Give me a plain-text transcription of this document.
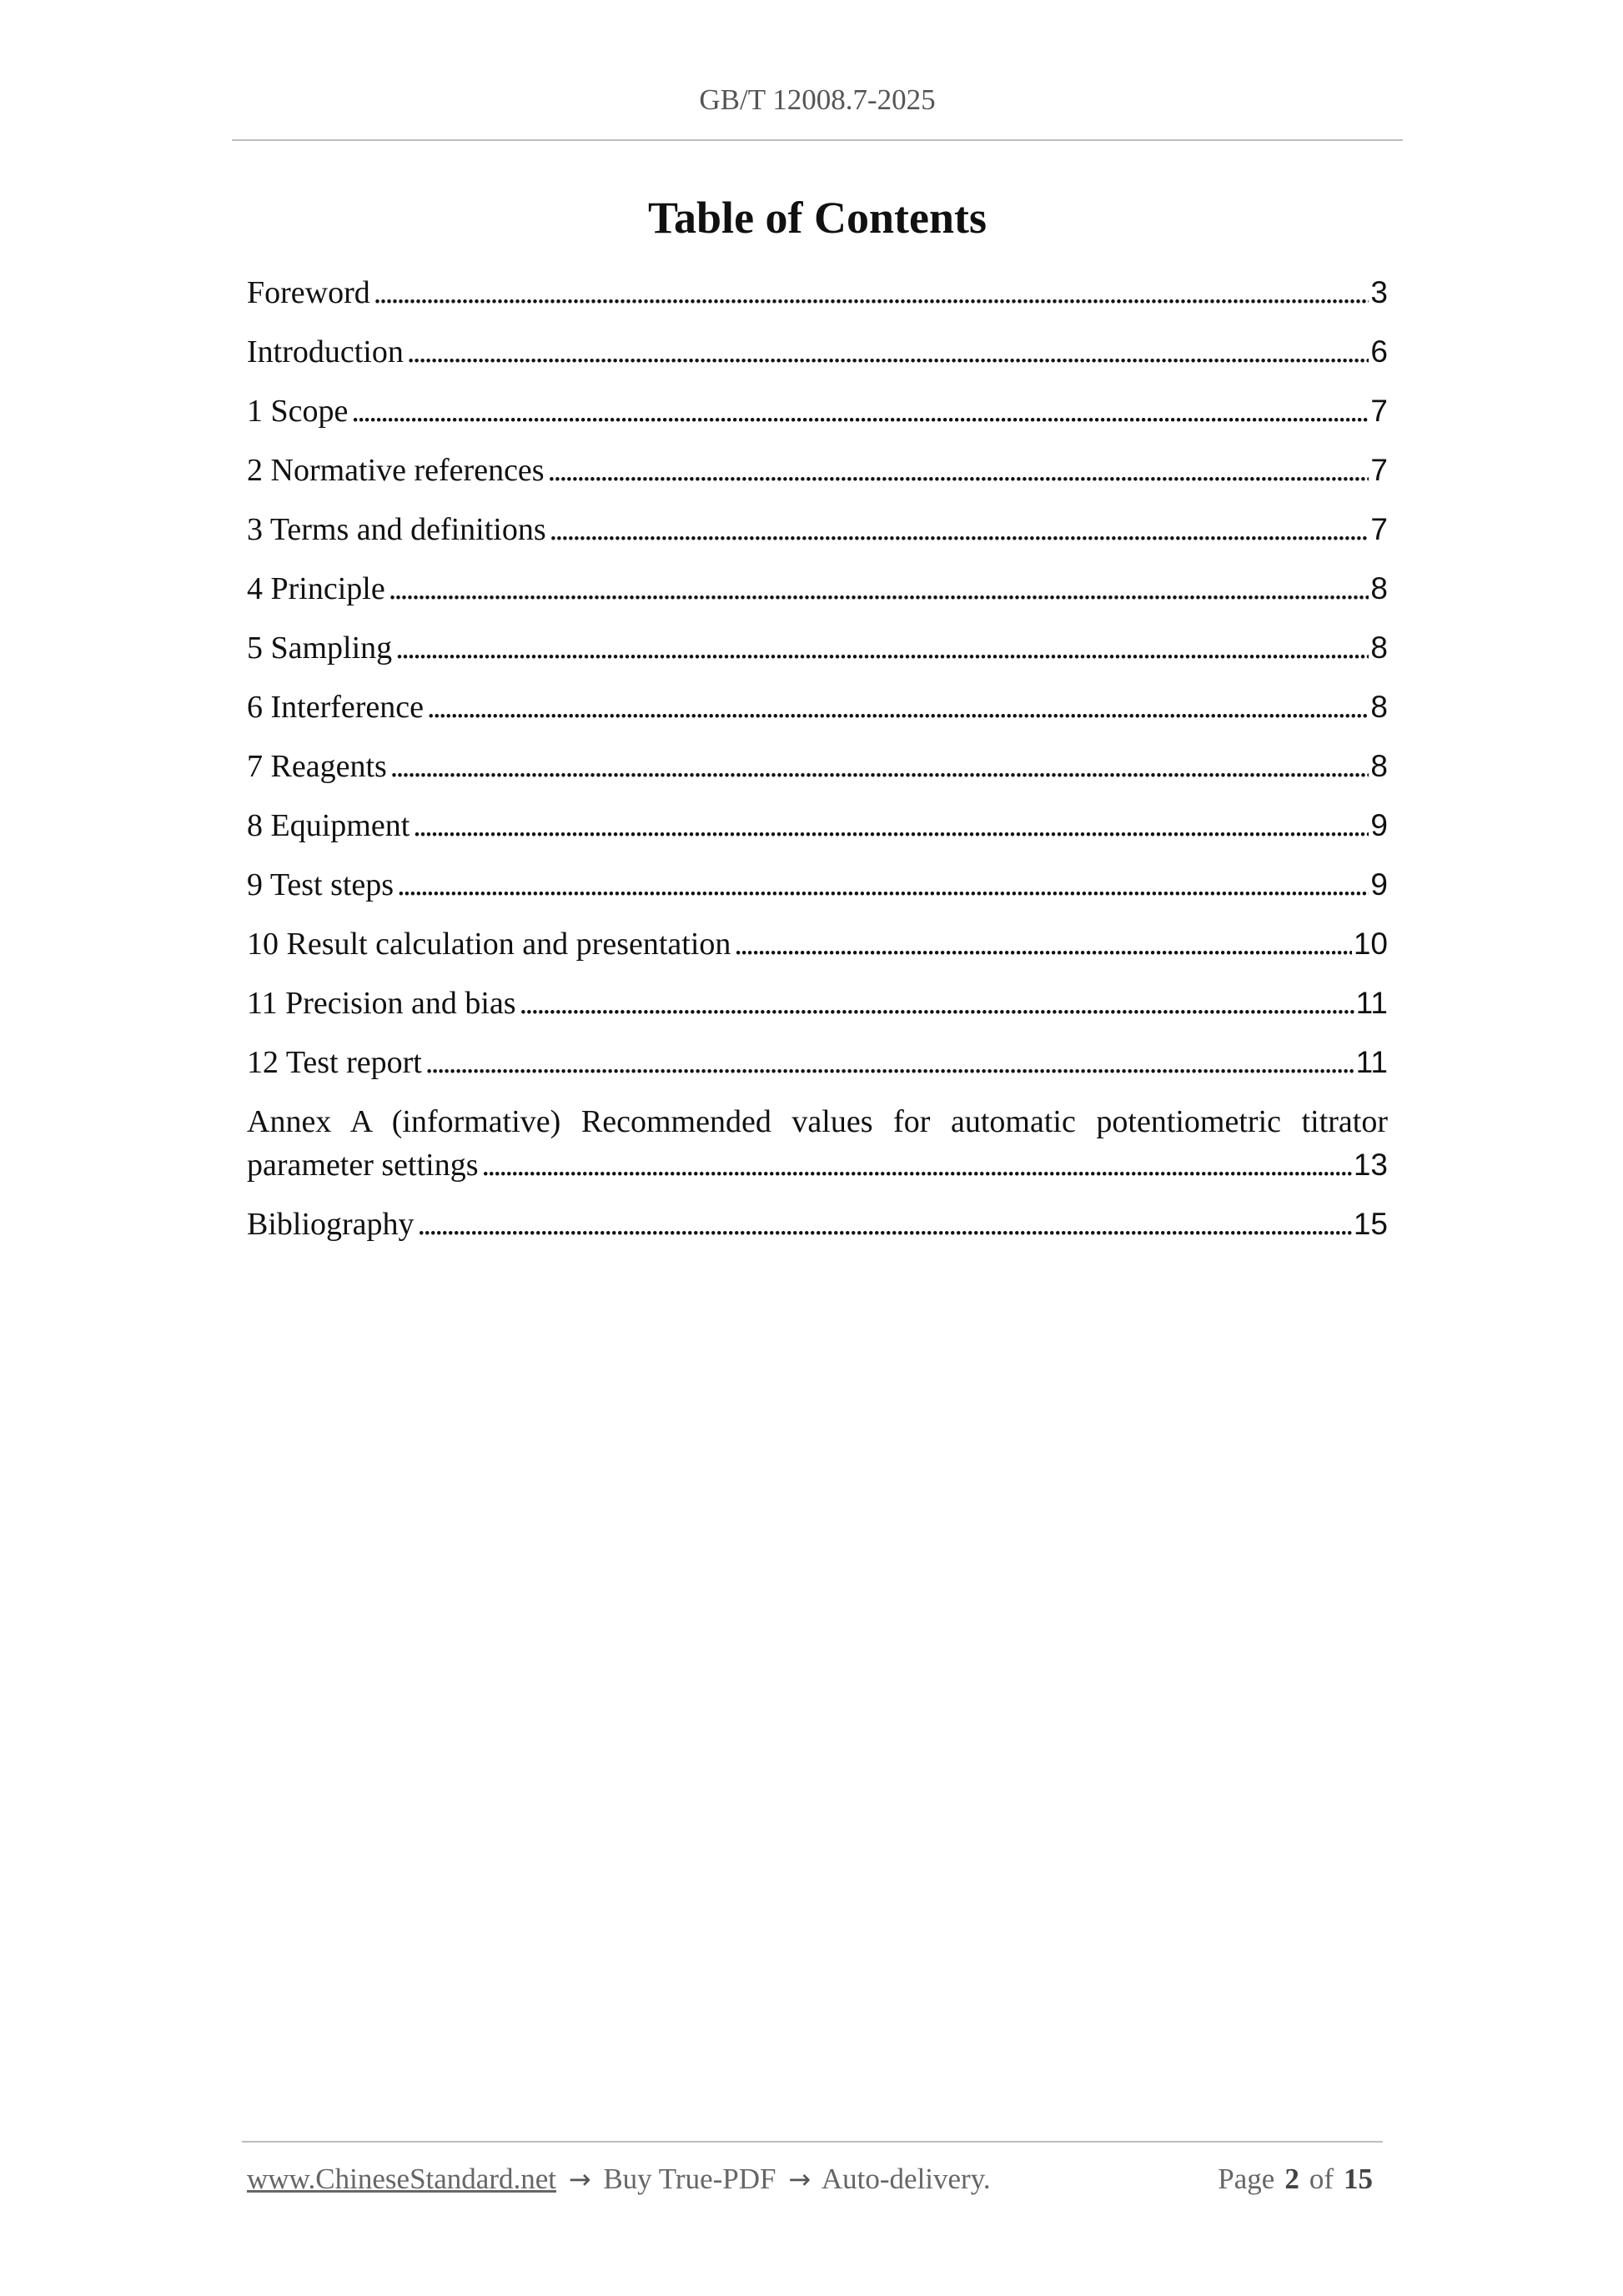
GB/T 12008.7-2025
Table of Contents
Foreword . . .	3
Introduction . . .	6
1 Scope . . .	7
2 Normative references . . .	7
3 Terms and definitions . . .	7
4 Principle . . .	8
5 Sampling . . .	8
6 Interference . . .	8
7 Reagents . . .	8
8 Equipment . . .	9
9 Test steps . . .	9
10 Result calculation and presentation . . .	10
11 Precision and bias . . .	11
12 Test report . . .	11
Annex A (informative) Recommended values for automatic potentiometric titrator
parameter settings . . .	13
Bibliography . . .	15
www.ChineseStandard.net → Buy True-PDF → Auto-delivery.	Page 2 of 15
